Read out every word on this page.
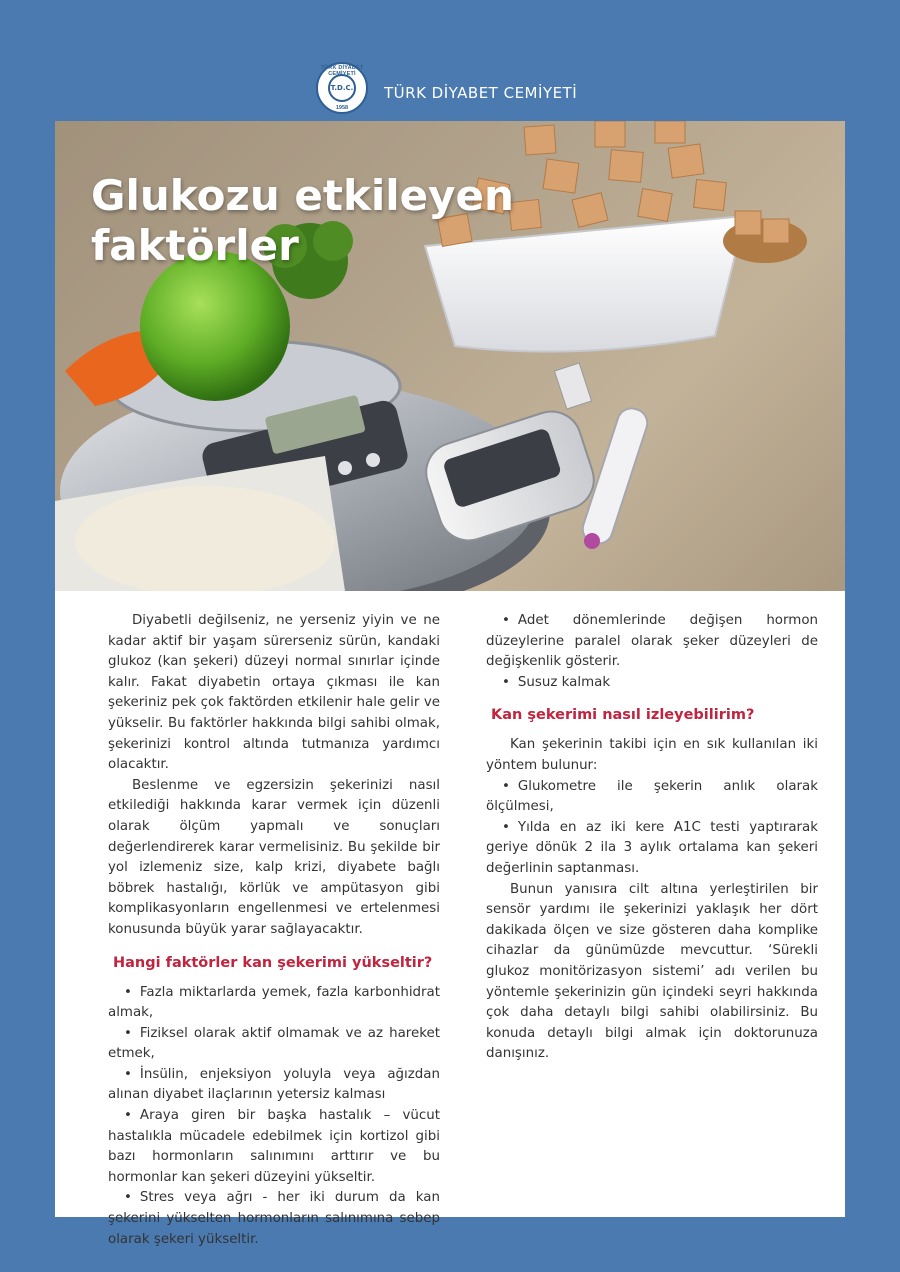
TÜRK DİYABET CEMİYETİ
T.D.C.
1958
TÜRK DİYABET CEMİYETİ
Glukozu etkileyen
faktörler

Diyabetli değilseniz, ne yerseniz yiyin ve ne kadar aktif bir yaşam sürerseniz sürün, kandaki glukoz (kan şekeri) düzeyi normal sınırlar içinde kalır. Fakat diyabetin ortaya çıkması ile kan şekeriniz pek çok faktörden etkilenir hale gelir ve yükselir. Bu faktörler hakkında bilgi sahibi olmak, şekerinizi kontrol altında tutmanıza yardımcı olacaktır.

Beslenme ve egzersizin şekerinizi nasıl etkilediği hakkında karar vermek için düzenli olarak ölçüm yapmalı ve sonuçları değerlendirerek karar vermelisiniz. Bu şekilde bir yol izlemeniz size, kalp krizi, diyabete bağlı böbrek hastalığı, körlük ve ampütasyon gibi komplikasyonların engellenmesi ve ertelenmesi konusunda büyük yarar sağlayacaktır.

Hangi faktörler kan şekerimi yükseltir?

• Fazla miktarlarda yemek, fazla karbonhidrat almak,

• Fiziksel olarak aktif olmamak ve az hareket etmek,

• İnsülin, enjeksiyon yoluyla veya ağızdan alınan diyabet ilaçlarının yetersiz kalması

• Araya giren bir başka hastalık – vücut hastalıkla mücadele edebilmek için kortizol gibi bazı hormonların salınımını arttırır ve bu hormonlar kan şekeri düzeyini yükseltir.

• Stres veya ağrı - her iki durum da kan şekerini yükselten hormonların salınımına sebep olarak şekeri yükseltir.

• Adet dönemlerinde değişen hormon düzeylerine paralel olarak şeker düzeyleri de değişkenlik gösterir.

• Susuz kalmak

Kan şekerimi nasıl izleyebilirim?

Kan şekerinin takibi için en sık kullanılan iki yöntem bulunur:

• Glukometre ile şekerin anlık olarak ölçülmesi,

• Yılda en az iki kere A1C testi yaptırarak geriye dönük 2 ila 3 aylık ortalama kan şekeri değerlinin saptanması.

Bunun yanısıra cilt altına yerleştirilen bir sensör yardımı ile şekerinizi yaklaşık her dört dakikada ölçen ve size gösteren daha komplike cihazlar da günümüzde mevcuttur. ‘Sürekli glukoz monitörizasyon sistemi’ adı verilen bu yöntemle şekerinizin gün içindeki seyri hakkında çok daha detaylı bilgi sahibi olabilirsiniz. Bu konuda detaylı bilgi almak için doktorunuza danışınız.
